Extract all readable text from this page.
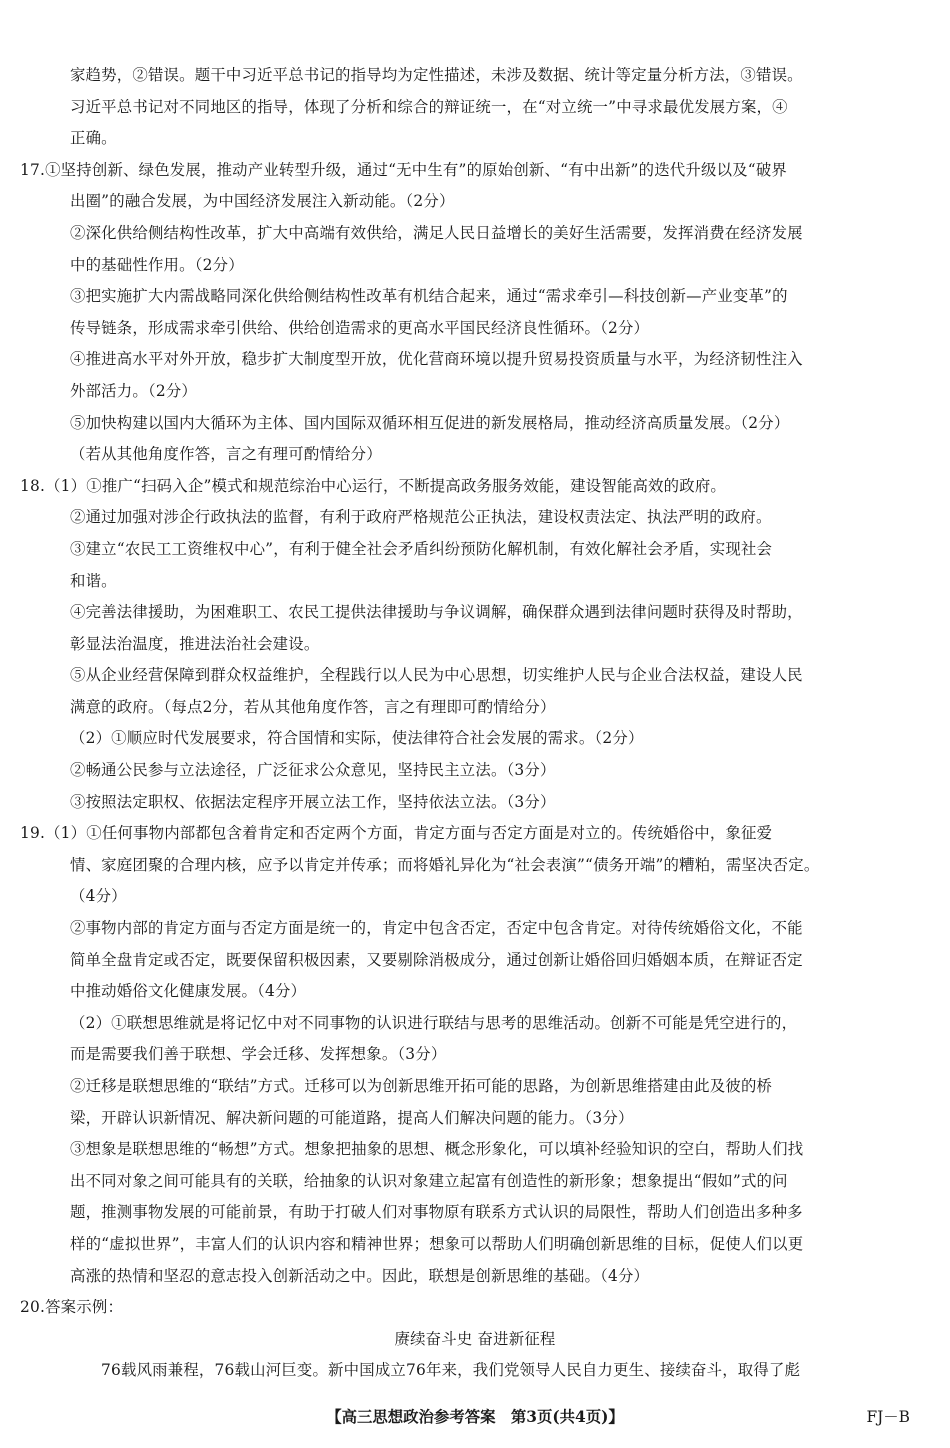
家趋势，②错误。题干中习近平总书记的指导均为定性描述，未涉及数据、统计等定量分析方法，③错误。
习近平总书记对不同地区的指导，体现了分析和综合的辩证统一，在“对立统一”中寻求最优发展方案，④
正确。
17.①坚持创新、绿色发展，推动产业转型升级，通过“无中生有”的原始创新、“有中出新”的迭代升级以及“破界
出圈”的融合发展，为中国经济发展注入新动能。（2分）
②深化供给侧结构性改革，扩大中高端有效供给，满足人民日益增长的美好生活需要，发挥消费在经济发展
中的基础性作用。（2分）
③把实施扩大内需战略同深化供给侧结构性改革有机结合起来，通过“需求牵引—科技创新—产业变革”的
传导链条，形成需求牵引供给、供给创造需求的更高水平国民经济良性循环。（2分）
④推进高水平对外开放，稳步扩大制度型开放，优化营商环境以提升贸易投资质量与水平，为经济韧性注入
外部活力。（2分）
⑤加快构建以国内大循环为主体、国内国际双循环相互促进的新发展格局，推动经济高质量发展。（2分）
（若从其他角度作答，言之有理可酌情给分）
18.（1）①推广“扫码入企”模式和规范综治中心运行，不断提高政务服务效能，建设智能高效的政府。
②通过加强对涉企行政执法的监督，有利于政府严格规范公正执法，建设权责法定、执法严明的政府。
③建立“农民工工资维权中心”，有利于健全社会矛盾纠纷预防化解机制，有效化解社会矛盾，实现社会
和谐。
④完善法律援助，为困难职工、农民工提供法律援助与争议调解，确保群众遇到法律问题时获得及时帮助，
彰显法治温度，推进法治社会建设。
⑤从企业经营保障到群众权益维护，全程践行以人民为中心思想，切实维护人民与企业合法权益，建设人民
满意的政府。（每点2分，若从其他角度作答，言之有理即可酌情给分）
（2）①顺应时代发展要求，符合国情和实际，使法律符合社会发展的需求。（2分）
②畅通公民参与立法途径，广泛征求公众意见，坚持民主立法。（3分）
③按照法定职权、依据法定程序开展立法工作，坚持依法立法。（3分）
19.（1）①任何事物内部都包含着肯定和否定两个方面，肯定方面与否定方面是对立的。传统婚俗中，象征爱
情、家庭团聚的合理内核，应予以肯定并传承；而将婚礼异化为“社会表演”“债务开端”的糟粕，需坚决否定。
（4分）
②事物内部的肯定方面与否定方面是统一的，肯定中包含否定，否定中包含肯定。对待传统婚俗文化，不能
简单全盘肯定或否定，既要保留积极因素，又要剔除消极成分，通过创新让婚俗回归婚姻本质，在辩证否定
中推动婚俗文化健康发展。（4分）
（2）①联想思维就是将记忆中对不同事物的认识进行联结与思考的思维活动。创新不可能是凭空进行的，
而是需要我们善于联想、学会迁移、发挥想象。（3分）
②迁移是联想思维的“联结”方式。迁移可以为创新思维开拓可能的思路，为创新思维搭建由此及彼的桥
梁，开辟认识新情况、解决新问题的可能道路，提高人们解决问题的能力。（3分）
③想象是联想思维的“畅想”方式。想象把抽象的思想、概念形象化，可以填补经验知识的空白，帮助人们找
出不同对象之间可能具有的关联，给抽象的认识对象建立起富有创造性的新形象；想象提出“假如”式的问
题，推测事物发展的可能前景，有助于打破人们对事物原有联系方式认识的局限性，帮助人们创造出多种多
样的“虚拟世界”，丰富人们的认识内容和精神世界；想象可以帮助人们明确创新思维的目标，促使人们以更
高涨的热情和坚忍的意志投入创新活动之中。因此，联想是创新思维的基础。（4分）
20.答案示例：
赓续奋斗史 奋进新征程
76载风雨兼程，76载山河巨变。新中国成立76年来，我们党领导人民自力更生、接续奋斗，取得了彪
【高三思想政治参考答案　第3页(共4页)】	FJ－B
